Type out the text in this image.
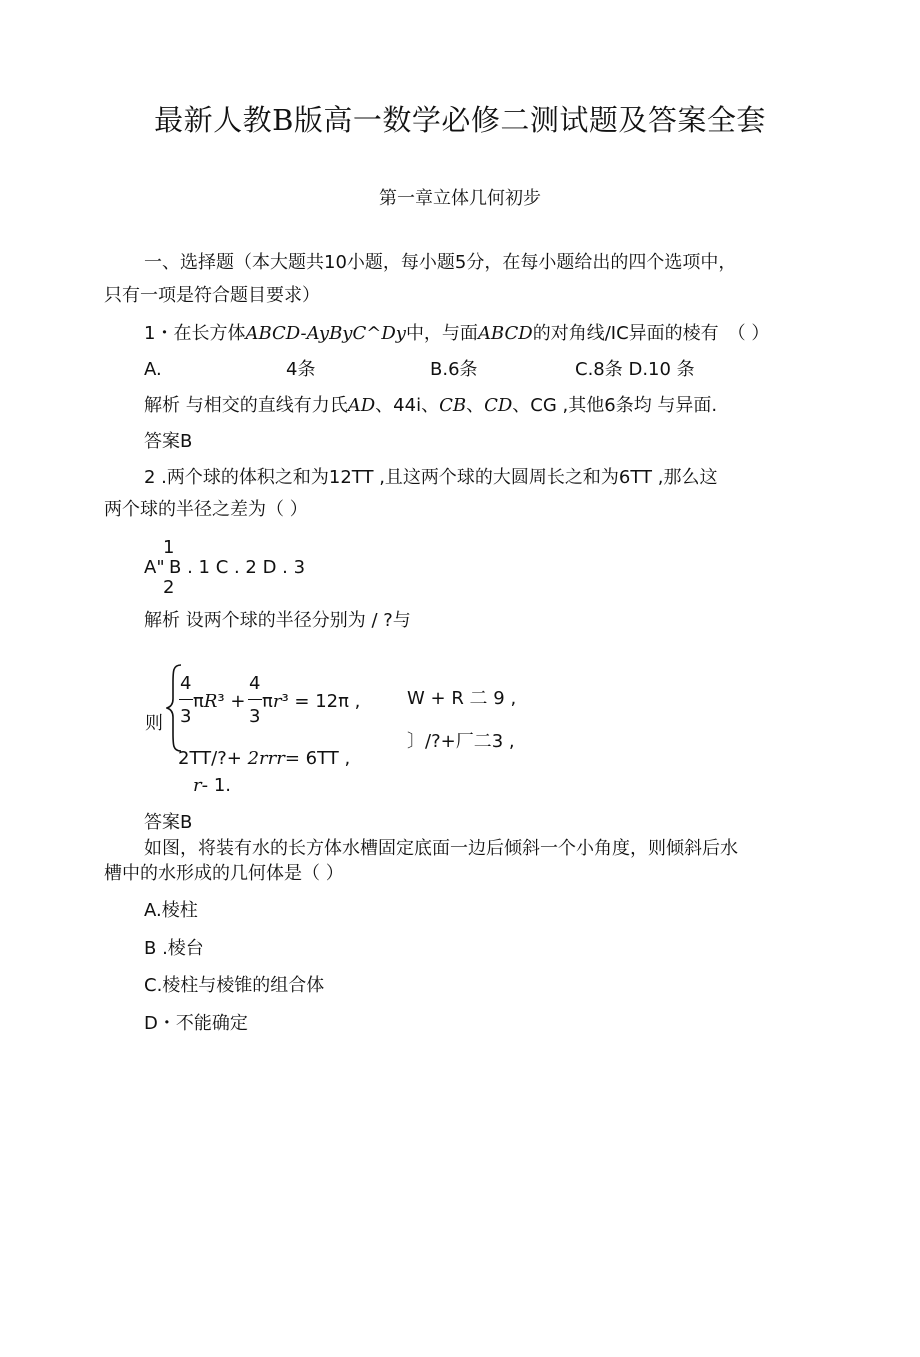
最新人教B版高一数学必修二测试题及答案全套
第一章立体几何初步
一、选择题（本大题共10小题，每小题5分，在每小题给出的四个选项中，
只有一项是符合题目要求）
1・在长方体ABCD-AyByC^Dy中，与面ABCD的对角线/IC异面的棱有　（ ）
A.	4条	B.6条	C.8条 D.10 条
解析 与相交的直线有力氏AD、44i、CB、CD、CG ,其他6条均 与异面.
答案B
2 .两个球的体积之和为12TT ,且这两个球的大圆周长之和为6TT ,那么这
两个球的半径之差为（ ）
A"
1
2
B . 1 C . 2 D . 3
解析 设两个球的半径分别为 / ?与
则
4
3
πR³ +
4
3
πr³ = 12π ,
2TT/?+ 2rrr= 6TT ,
r- 1.
W + R 二 9 ,
〕/?+厂二3 ,
答案B
如图，将装有水的长方体水槽固定底面一边后倾斜一个小角度，则倾斜后水
槽中的水形成的几何体是（ ）
A.棱柱
B .棱台
C.棱柱与棱锥的组合体
D・不能确定
